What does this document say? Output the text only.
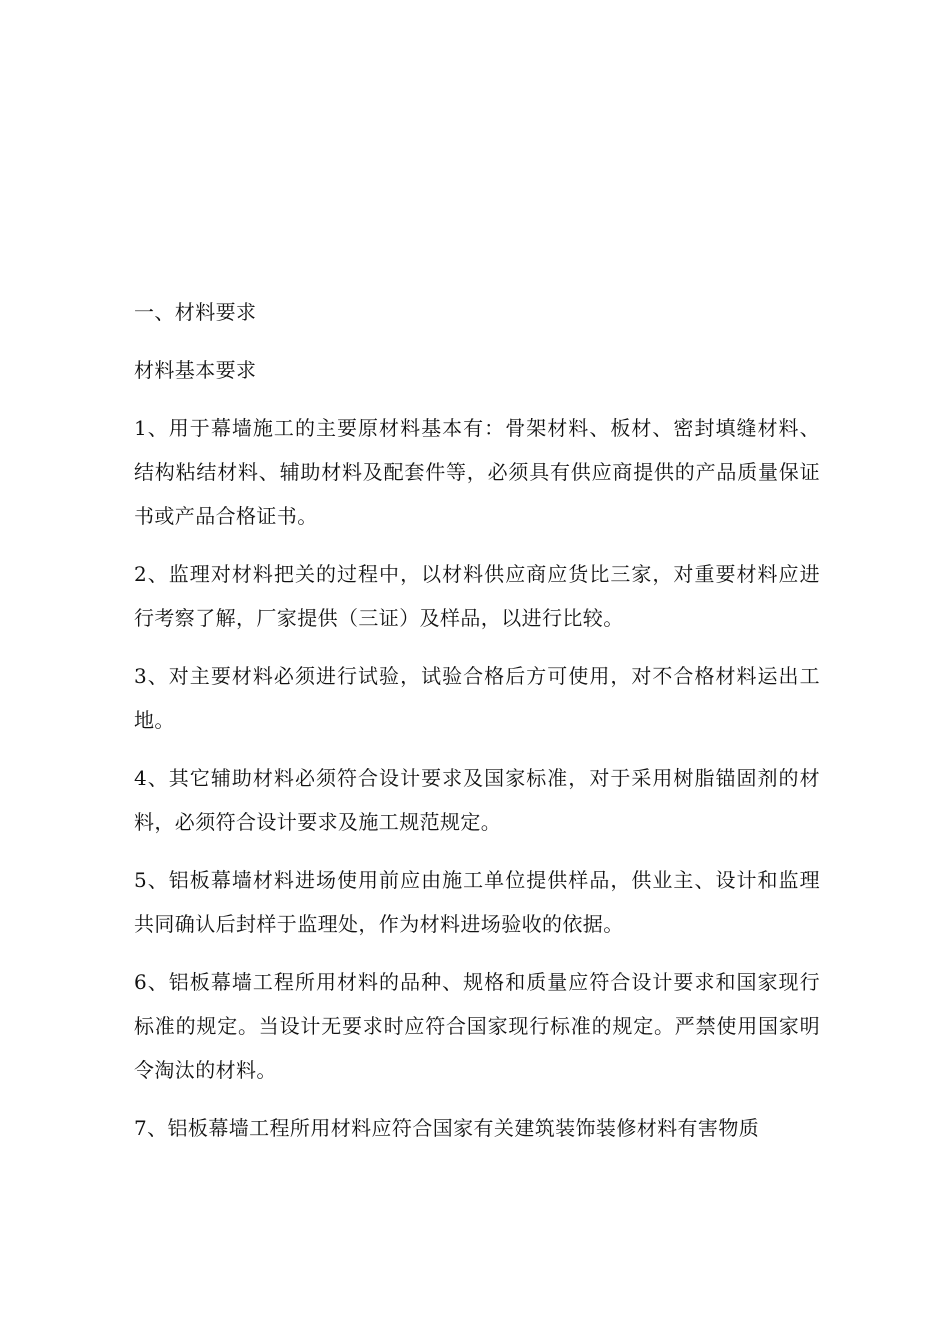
一、材料要求

材料基本要求

1、用于幕墙施工的主要原材料基本有：骨架材料、板材、密封填缝材料、结构粘结材料、辅助材料及配套件等，必须具有供应商提供的产品质量保证书或产品合格证书。

2、监理对材料把关的过程中，以材料供应商应货比三家，对重要材料应进行考察了解，厂家提供（三证）及样品，以进行比较。

3、对主要材料必须进行试验，试验合格后方可使用，对不合格材料运出工地。

4、其它辅助材料必须符合设计要求及国家标准，对于采用树脂锚固剂的材料，必须符合设计要求及施工规范规定。

5、铝板幕墙材料进场使用前应由施工单位提供样品，供业主、设计和监理共同确认后封样于监理处，作为材料进场验收的依据。

6、铝板幕墙工程所用材料的品种、规格和质量应符合设计要求和国家现行标准的规定。当设计无要求时应符合国家现行标准的规定。严禁使用国家明令淘汰的材料。

7、铝板幕墙工程所用材料应符合国家有关建筑装饰装修材料有害物质
